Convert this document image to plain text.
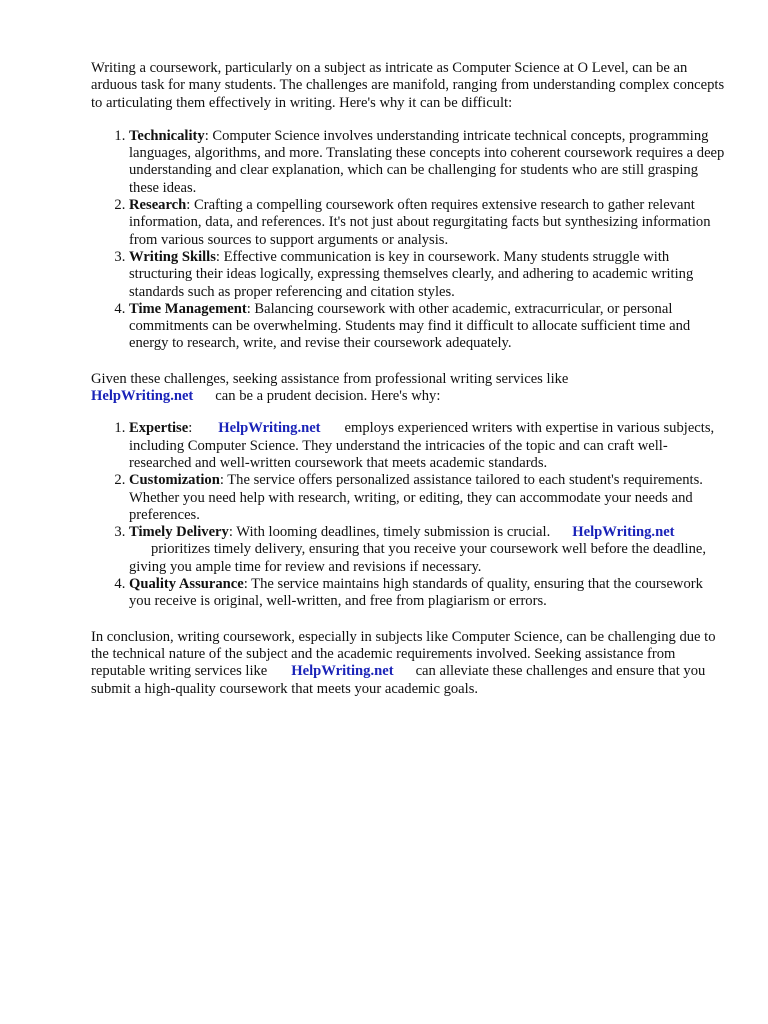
Writing a coursework, particularly on a subject as intricate as Computer Science at O Level, can be an arduous task for many students. The challenges are manifold, ranging from understanding complex concepts to articulating them effectively in writing. Here's why it can be difficult:

1. Technicality: Computer Science involves understanding intricate technical concepts, programming languages, algorithms, and more. Translating these concepts into coherent coursework requires a deep understanding and clear explanation, which can be challenging for students who are still grasping these ideas.
2. Research: Crafting a compelling coursework often requires extensive research to gather relevant information, data, and references. It's not just about regurgitating facts but synthesizing information from various sources to support arguments or analysis.
3. Writing Skills: Effective communication is key in coursework. Many students struggle with structuring their ideas logically, expressing themselves clearly, and adhering to academic writing standards such as proper referencing and citation styles.
4. Time Management: Balancing coursework with other academic, extracurricular, or personal commitments can be overwhelming. Students may find it difficult to allocate sufficient time and energy to research, write, and revise their coursework adequately.

Given these challenges, seeking assistance from professional writing services like
HelpWriting.net can be a prudent decision. Here's why:

1. Expertise: HelpWriting.net employs experienced writers with expertise in various subjects, including Computer Science. They understand the intricacies of the topic and can craft well-researched and well-written coursework that meets academic standards.
2. Customization: The service offers personalized assistance tailored to each student's requirements. Whether you need help with research, writing, or editing, they can accommodate your needs and preferences.
3. Timely Delivery: With looming deadlines, timely submission is crucial. HelpWriting.net
prioritizes timely delivery, ensuring that you receive your coursework well before the deadline, giving you ample time for review and revisions if necessary.
4. Quality Assurance: The service maintains high standards of quality, ensuring that the coursework you receive is original, well-written, and free from plagiarism or errors.

In conclusion, writing coursework, especially in subjects like Computer Science, can be challenging due to the technical nature of the subject and the academic requirements involved. Seeking assistance from reputable writing services like HelpWriting.net can alleviate these challenges and ensure that you submit a high-quality coursework that meets your academic goals.
